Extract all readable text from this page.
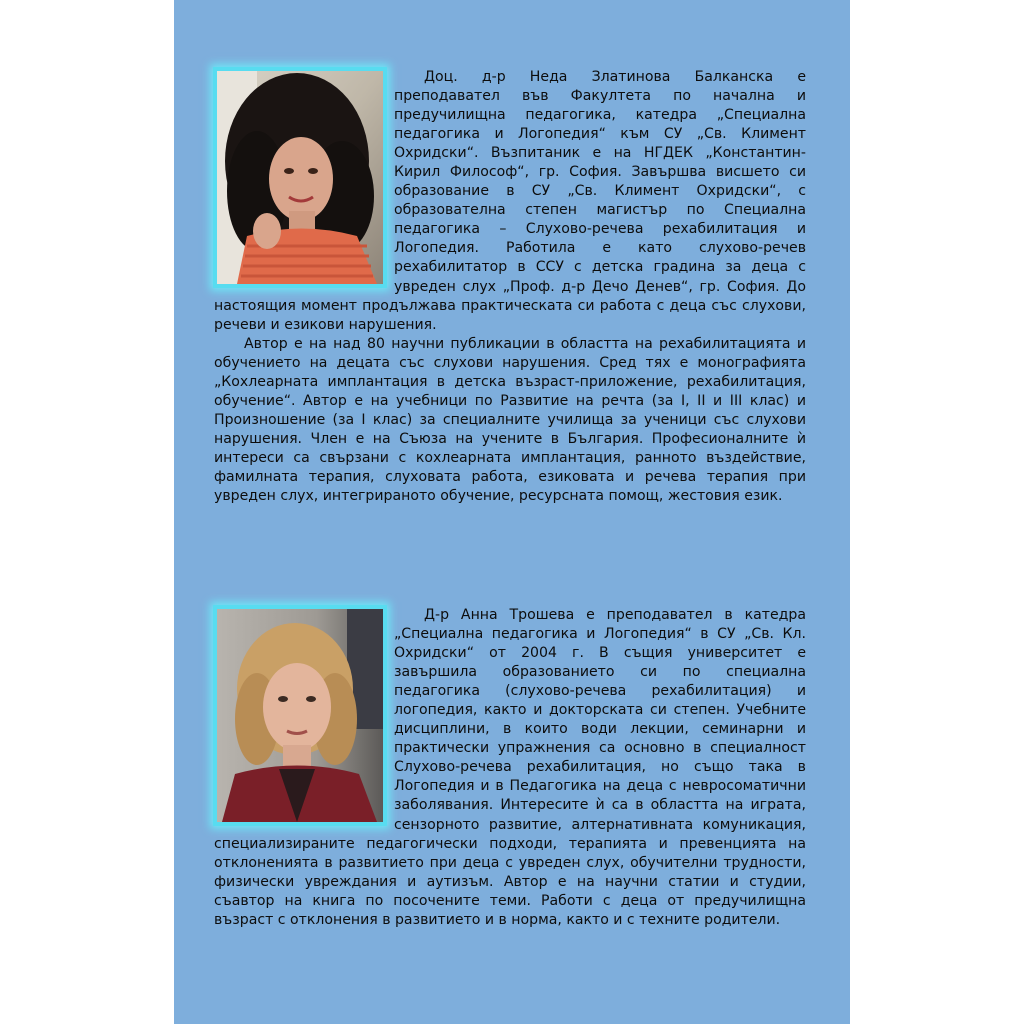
Доц. д-р Неда Златинова Балканска е преподавател във Факултета по начална и предучилищна педагогика, катедра „Специална педагогика и Логопедия“ към СУ „Св. Климент Охридски“. Възпитаник е на НГДЕК „Константин-Кирил Философ“, гр. София. Завършва висшето си образование в СУ „Св. Климент Охридски“, с образователна степен магистър по Специална педагогика – Слухово-речева рехабилитация и Логопедия. Работила е като слухово-речев рехабилитатор в ССУ с детска градина за деца с увреден слух „Проф. д-р Дечо Денев“, гр. София. До настоящия момент продължава практическата си работа с деца със слухови, речеви и езикови нарушения.

Автор е на над 80 научни публикации в областта на рехабилитацията и обучението на децата със слухови нарушения. Сред тях е монографията „Кохлеарната имплантация в детска възраст-приложение, рехабилитация, обучение“. Автор е на учебници по Развитие на речта (за I, II и III клас) и Произношение (за I клас) за специалните училища за ученици със слухови нарушения. Член е на Съюза на учените в България. Професионалните ѝ интереси са свързани с кохлеарната имплантация, ранното въздействие, фамилната терапия, слуховата работа, езиковата и речева терапия при увреден слух, интегрираното обучение, ресурсната помощ, жестовия език.

Д-р Анна Трошева е преподавател в катедра „Специална педагогика и Логопедия“ в СУ „Св. Кл. Охридски“ от 2004 г. В същия университет е завършила образованието си по специална педагогика (слухово-речева рехабилитация) и логопедия, както и докторската си степен. Учебните дисциплини, в които води лекции, семинарни и практически упражнения са основно в специалност Слухово-речева рехабилитация, но също така в Логопедия и в Педагогика на деца с невросоматични заболявания. Интересите ѝ са в областта на играта, сензорното развитие, алтернативната комуникация, специализираните педагогически подходи, терапията и превенцията на отклоненията в развитието при деца с увреден слух, обучителни трудности, физически увреждания и аутизъм. Автор е на научни статии и студии, съавтор на книга по посочените теми. Работи с деца от предучилищна възраст с отклонения в развитието и в норма, както и с техните родители.
